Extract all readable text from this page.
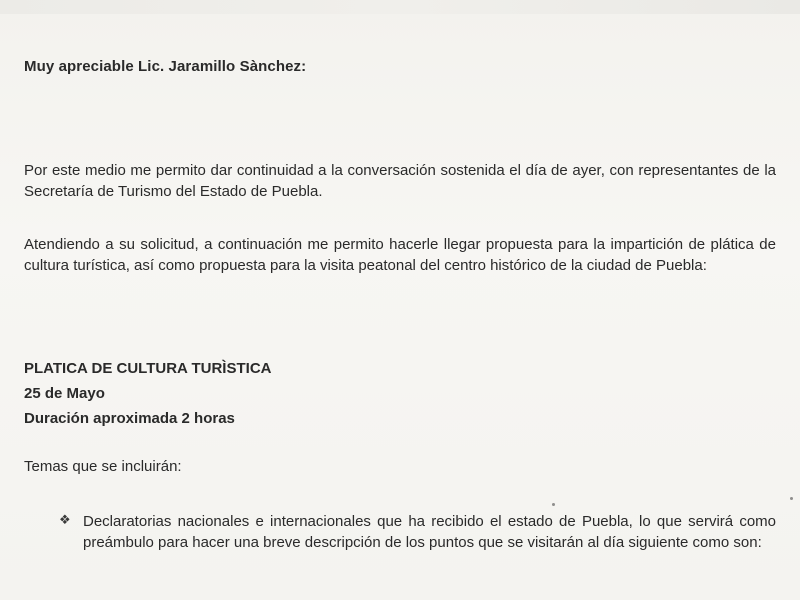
Muy apreciable Lic. Jaramillo Sànchez:
Por este medio me permito dar continuidad a la conversación sostenida el día de ayer, con representantes de la Secretaría de Turismo del Estado de Puebla.
Atendiendo a su solicitud, a continuación me permito hacerle llegar propuesta para la impartición de plática de cultura turística, así como propuesta para la visita peatonal del centro histórico de la ciudad de Puebla:
PLATICA DE CULTURA TURÌSTICA
25 de Mayo
Duración aproximada 2 horas
Temas que se incluirán:
❖ Declaratorias nacionales e internacionales que ha recibido el estado de Puebla, lo que servirá como preámbulo para hacer una breve descripción de los puntos que se visitarán al día siguiente como son:
